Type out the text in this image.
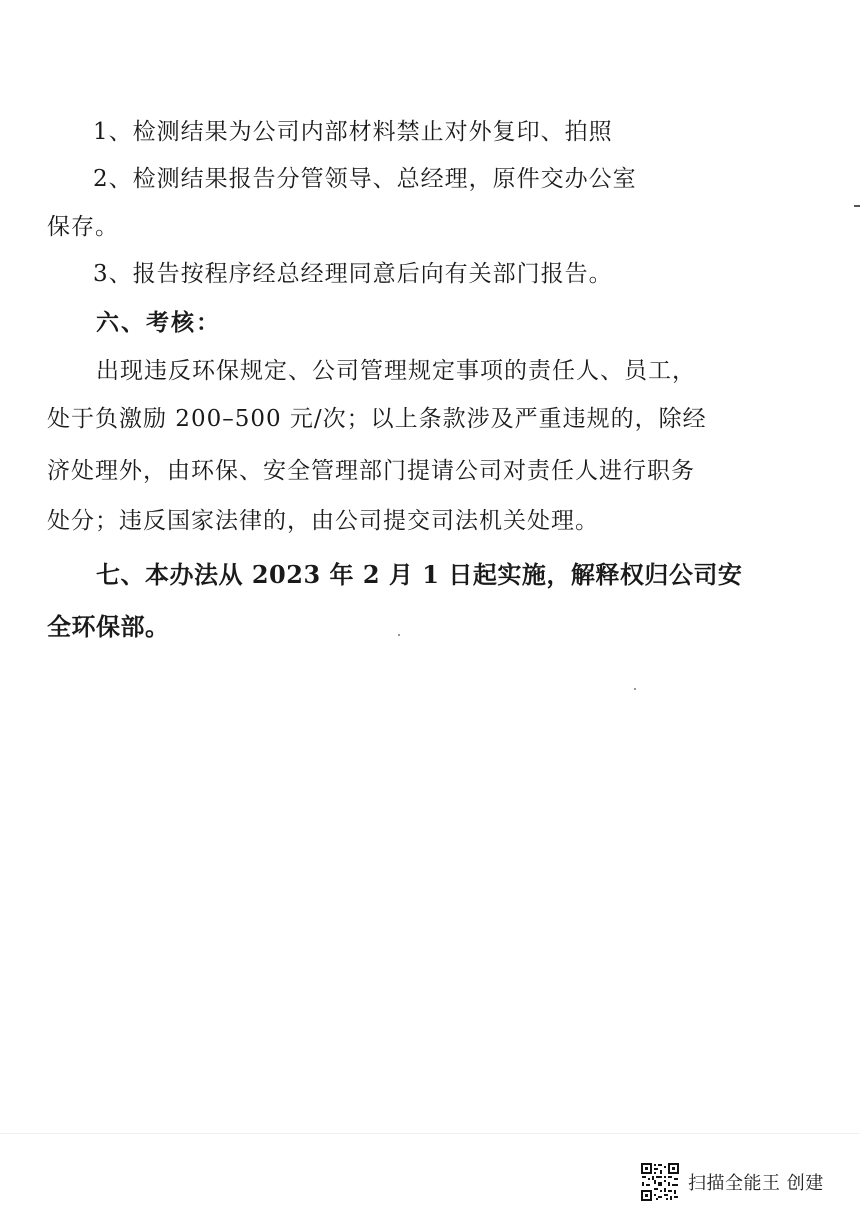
1、检测结果为公司内部材料禁止对外复印、拍照
2、检测结果报告分管领导、总经理，原件交办公室
保存。
3、报告按程序经总经理同意后向有关部门报告。
六、考核：
出现违反环保规定、公司管理规定事项的责任人、员工，
处于负激励 200–500 元/次；以上条款涉及严重违规的，除经
济处理外，由环保、安全管理部门提请公司对责任人进行职务
处分；违反国家法律的，由公司提交司法机关处理。
七、本办法从 2023 年 2 月 1 日起实施，解释权归公司安
全环保部。
扫描全能王 创建
